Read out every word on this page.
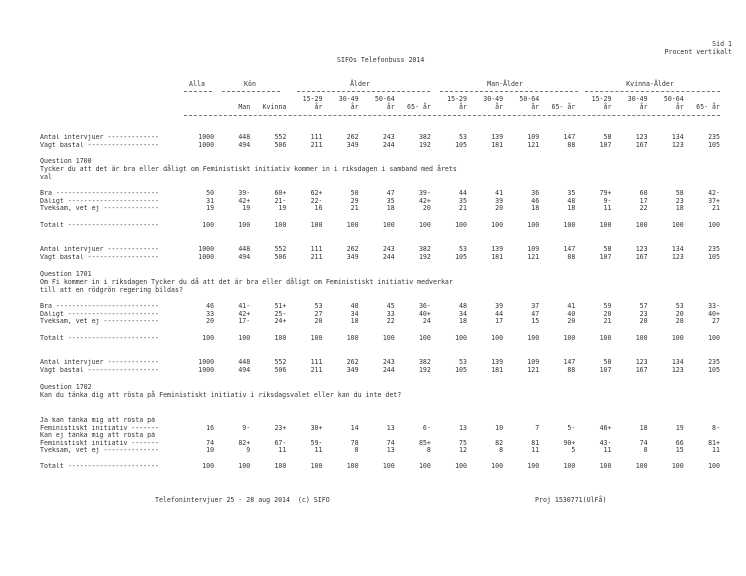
Sid 1
Procent vertikalt
SIFOs Telefonbuss 2014
Alla	Kön	Ålder	Man-Ålder	Kvinna-Ålder
				15-29	30-49	50-64		15-29	30-49	50-64		15-29	30-49	50-64	
		Man	Kvinna	år	år	år	65- år	år	år	år	65- år	år	år	år	65- år
Antal intervjuer -------------	1000	448	552	111	262	243	382	53	139	109	147	58	123	134	235
Vägt bastal ------------------	1000	494	506	211	349	244	192	105	181	121	88	107	167	123	105
Question 1700
Tycker du att det är bra eller dåligt om Feministiskt initiativ kommer in i riksdagen i samband med årets val
Bra --------------------------	50	39-	60+	62+	50	47	39-	44	41	36	35	79+	60	58	42-
Dåligt -----------------------	31	42+	21-	22-	29	35	42+	35	39	46	48	9-	17	23	37+
Tveksam, vet ej --------------	19	19	19	16	21	18	20	21	20	18	18	11	22	18	21
Totalt -----------------------	100	100	100	100	100	100	100	100	100	100	100	100	100	100	100
Antal intervjuer -------------	1000	448	552	111	262	243	382	53	139	109	147	58	123	134	235
Vägt bastal ------------------	1000	494	506	211	349	244	192	105	181	121	88	107	167	123	105
Question 1701
Om Fi kommer in i riksdagen Tycker du då att det är bra eller dåligt om Feministiskt initiativ medverkar till att en rödgrön regering bildas?
Bra --------------------------	46	41-	51+	53	48	45	36-	48	39	37	41	59	57	53	33-
Dåligt -----------------------	33	42+	25-	27	34	33	40+	34	44	47	40	20	23	20	40+
Tveksam, vet ej --------------	20	17-	24+	20	18	22	24	18	17	15	20	21	20	28	27
Totalt -----------------------	100	100	100	100	100	100	100	100	100	100	100	100	100	100	100
Antal intervjuer -------------	1000	448	552	111	262	243	382	53	139	109	147	58	123	134	235
Vägt bastal ------------------	1000	494	506	211	349	244	192	105	181	121	88	107	167	123	105
Question 1702
Kan du tänka dig att rösta på Feministiskt initiativ i riksdagsvalet eller kan du inte det?
Ja kan tänka mig att rösta på															
Feministiskt initiativ -------	16	9-	23+	30+	14	13	6-	13	10	7	5-	46+	18	19	8-
Kan ej tänka mig att rösta på															
Feministiskt initiativ -------	74	82+	67-	59-	78	74	85+	75	82	81	90+	43-	74	66	81+
Tveksam, vet ej --------------	10	9	11	11	8	13	8	12	8	11	5	11	8	15	11
Totalt -----------------------	100	100	100	100	100	100	100	100	100	100	100	100	100	100	100
Telefonintervjuer 25 - 28 aug 2014  (c) SIFO	Proj 1530771(UlFå)
